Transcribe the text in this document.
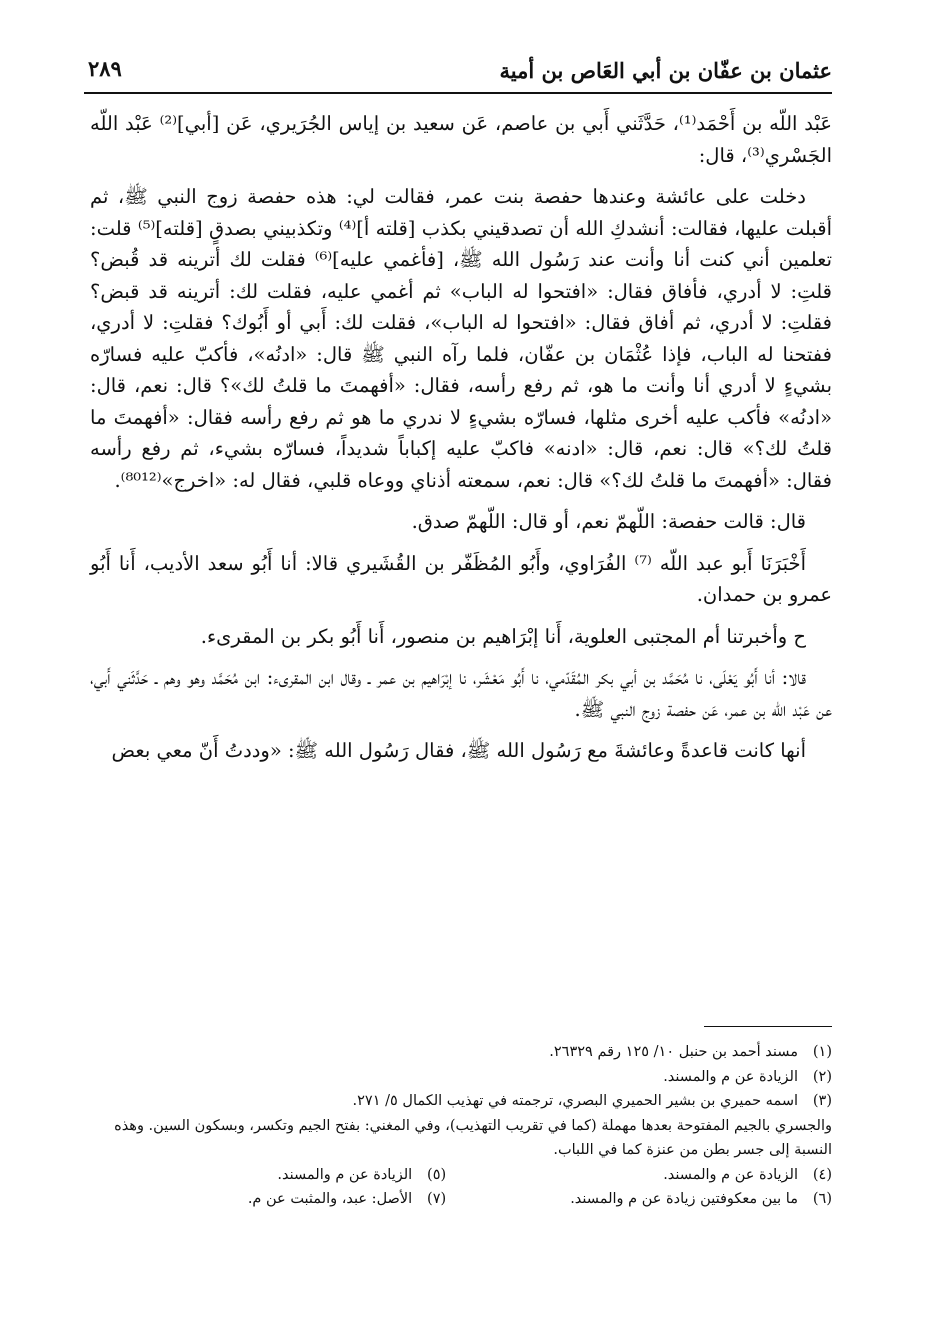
عثمان بن عفّان بن أبي العَاص بن أمية
٢٨٩

عَبْد اللّه بن أَحْمَد⁽¹⁾، حَدَّثَني أَبي بن عاصم، عَن سعيد بن إياس الجُرَيري، عَن [أبي]⁽²⁾ عَبْد اللّه الجَسْري⁽³⁾، قال:

دخلت على عائشة وعندها حفصة بنت عمر، فقالت لي: هذه حفصة زوج النبي ﷺ، ثم أقبلت عليها، فقالت: أنشدكِ الله أن تصدقيني بكذب [قلته أ]⁽⁴⁾ وتكذبيني بصدقٍ [قلته]⁽⁵⁾ قلت: تعلمين أني كنت أنا وأنت عند رَسُول الله ﷺ، [فأغمي عليه]⁽⁶⁾ فقلت لك أترينه قد قُبض؟ قلتِ: لا أدري، فأفاق فقال: «افتحوا له الباب» ثم أغمي عليه، فقلت لك: أترينه قد قبض؟ فقلتِ: لا أدري، ثم أفاق فقال: «افتحوا له الباب»، فقلت لك: أَبي أو أَبُوك؟ فقلتِ: لا أدري، ففتحنا له الباب، فإذا عُثْمَان بن عفّان، فلما رآه النبي ﷺ قال: «ادنُه»، فأكبّ عليه فسارّه بشيءٍ لا أدري أنا وأنت ما هو، ثم رفع رأسه، فقال: «أفهمتَ ما قلتُ لك»؟ قال: نعم، قال: «ادنُه» فأكب عليه أخرى مثلها، فسارّه بشيءٍ لا ندري ما هو ثم رفع رأسه فقال: «أفهمتَ ما قلتُ لك؟» قال: نعم، قال: «ادنه» فاكبّ عليه إكباباً شديداً، فسارّه بشيء، ثم رفع رأسه فقال: «أفهمتَ ما قلتُ لك؟» قال: نعم، سمعته أذناي ووعاه قلبي، فقال له: «اخرج»⁽⁸⁰¹²⁾.

قال: قالت حفصة: اللّهمّ نعم، أو قال: اللّهمّ صدق.

أَخْبَرَنَا أَبو عبد اللّه ⁽⁷⁾ الفُرَاوي، وأَبُو المُظَفّر بن القُشَيري قالا: أنا أَبُو سعد الأديب، أَنا أَبُو عمرو بن حمدان.

ح وأخبرتنا أم المجتبى العلوية، أَنا إبْرَاهيم بن منصور، أَنا أَبُو بكر بن المقرىء.

قالا: أنا أَبُو يَعْلَى، نا مُحَمَّد بن أبي بكر المُقَدّمي، نا أَبُو مَعْشَر، نا إبْرَاهيم بن عمر ـ وقال ابن المقرىء: ابن مُحَمَّد وهو وهم ـ حَدَّثَني أَبي، عن عَبْد اللّه بن عمر، عَن حفصة زوج النبي ﷺ.

أنها كانت قاعدةً وعائشةَ مع رَسُول الله ﷺ، فقال رَسُول الله ﷺ: «وددتُ أَنّ معي بعض

(١)مسند أحمد بن حنبل ١٠/ ١٢٥ رقم ٢٦٣٢٩.

(٢)الزيادة عن م والمسند.

(٣)اسمه حميري بن بشير الحميري البصري، ترجمته في تهذيب الكمال ٥/ ٢٧١.

والجسري بالجيم المفتوحة بعدها مهملة (كما في تقريب التهذيب)، وفي المغني: بفتح الجيم وتكسر، وبسكون السين. وهذه النسبة إلى جسر بطن من عنزة كما في اللباب.

(٤)الزيادة عن م والمسند.

(٥)الزيادة عن م والمسند.

(٦)ما بين معكوفتين زيادة عن م والمسند.

(٧)الأصل: عبد، والمثبت عن م.
